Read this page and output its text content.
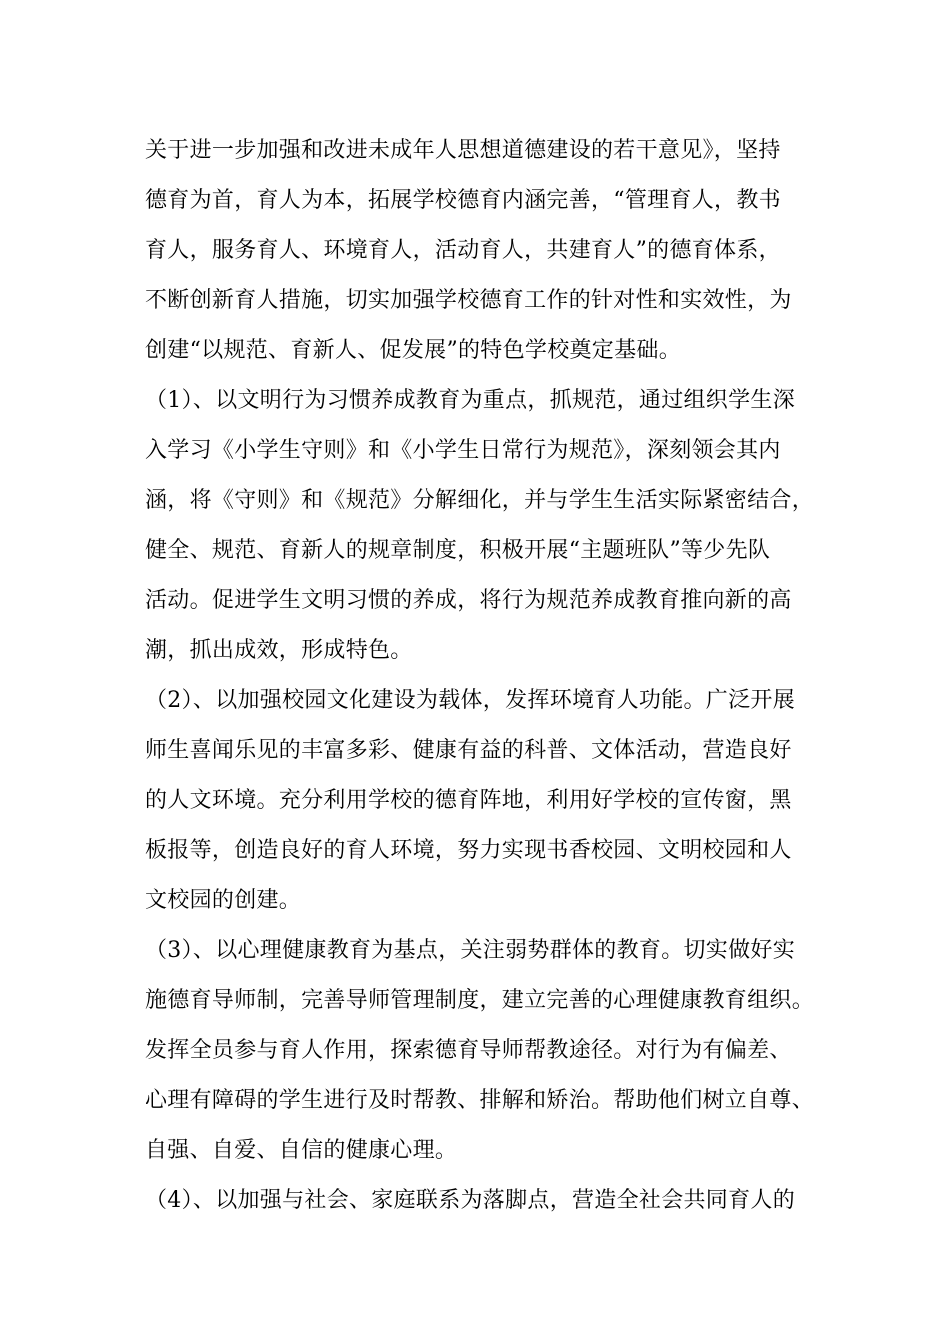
关于进一步加强和改进未成年人思想道德建设的若干意见》，坚持
德育为首，育人为本，拓展学校德育内涵完善，“管理育人，教书
育人，服务育人、环境育人，活动育人，共建育人”的德育体系，
不断创新育人措施，切实加强学校德育工作的针对性和实效性，为
创建“以规范、育新人、促发展”的特色学校奠定基础。
（1）、以文明行为习惯养成教育为重点，抓规范，通过组织学生深
入学习《小学生守则》和《小学生日常行为规范》，深刻领会其内
涵，将《守则》和《规范》分解细化，并与学生生活实际紧密结合，
健全、规范、育新人的规章制度，积极开展“主题班队”等少先队
活动。促进学生文明习惯的养成，将行为规范养成教育推向新的高
潮，抓出成效，形成特色。
（2）、以加强校园文化建设为载体，发挥环境育人功能。广泛开展
师生喜闻乐见的丰富多彩、健康有益的科普、文体活动，营造良好
的人文环境。充分利用学校的德育阵地，利用好学校的宣传窗，黑
板报等，创造良好的育人环境，努力实现书香校园、文明校园和人
文校园的创建。
（3）、以心理健康教育为基点，关注弱势群体的教育。切实做好实
施德育导师制，完善导师管理制度，建立完善的心理健康教育组织。
发挥全员参与育人作用，探索德育导师帮教途径。对行为有偏差、
心理有障碍的学生进行及时帮教、排解和矫治。帮助他们树立自尊、
自强、自爱、自信的健康心理。
（4）、以加强与社会、家庭联系为落脚点，营造全社会共同育人的
